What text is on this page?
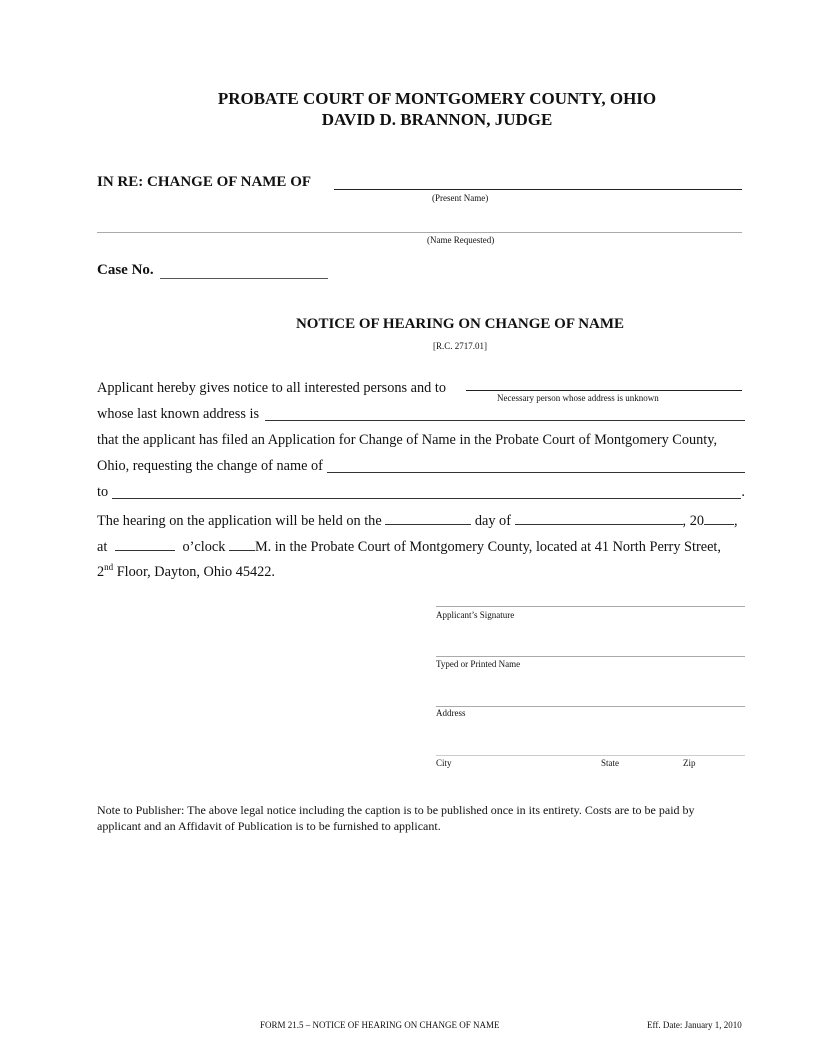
PROBATE COURT OF MONTGOMERY COUNTY, OHIO
DAVID D. BRANNON, JUDGE
IN RE: CHANGE OF NAME OF
(Present Name)
(Name Requested)
Case No.
NOTICE OF HEARING ON CHANGE OF NAME
[R.C. 2717.01]
Applicant hereby gives notice to all interested persons and to
Necessary person whose address is unknown
whose last known address is
that the applicant has filed an Application for Change of Name in the Probate Court of Montgomery County,
Ohio, requesting the change of name of
to	.
The hearing on the application will be held on the	day of	, 20 ,
at	o’clock M. in the Probate Court of Montgomery County, located at 41 North Perry Street,
2nd Floor, Dayton, Ohio 45422.
Applicant’s Signature
Typed or Printed Name
Address
City	State	Zip
Note to Publisher: The above legal notice including the caption is to be published once in its entirety. Costs are to be paid by
applicant and an Affidavit of Publication is to be furnished to applicant.
FORM 21.5 – NOTICE OF HEARING ON CHANGE OF NAME	Eff. Date: January 1, 2010
